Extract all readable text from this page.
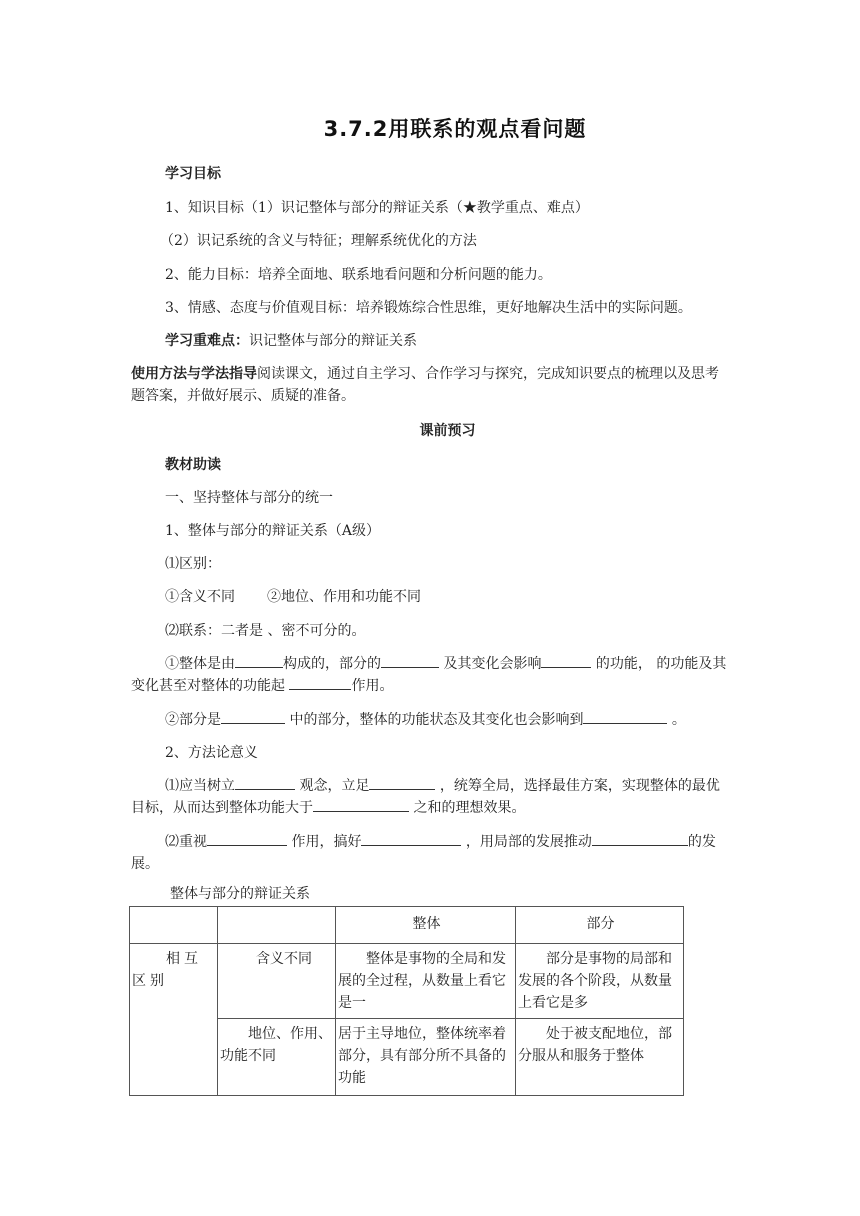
3.7.2用联系的观点看问题
学习目标
1、知识目标（1）识记整体与部分的辩证关系（★教学重点、难点）
（2）识记系统的含义与特征；理解系统优化的方法
2、能力目标：培养全面地、联系地看问题和分析问题的能力。
3、情感、态度与价值观目标：培养锻炼综合性思维，更好地解决生活中的实际问题。
学习重难点：识记整体与部分的辩证关系
使用方法与学法指导阅读课文，通过自主学习、合作学习与探究，完成知识要点的梳理以及思考题答案，并做好展示、质疑的准备。
课前预习
教材助读
一、坚持整体与部分的统一
1、整体与部分的辩证关系（A级）
⑴区别：
①含义不同 ②地位、作用和功能不同
⑵联系：二者是 、密不可分的。
①整体是由	构成的，部分的	及其变化会影响	的功能， 的功能及其变化甚至对整体的功能起	作用。
②部分是	中的部分，整体的功能状态及其变化也会影响到	。
2、方法论意义
⑴应当树立	观念，立足	，统筹全局，选择最佳方案，实现整体的最优目标，从而达到整体功能大于	之和的理想效果。
⑵重视	作用，搞好	，用局部的发展推动	的发展。
整体与部分的辩证关系
		整体	部分
相互区别	含义不同	整体是事物的全局和发展的全过程，从数量上看它是一	部分是事物的局部和发展的各个阶段，从数量上看它是多
	地位、作用、功能不同	居于主导地位，整体统率着部分，具有部分所不具备的功能	处于被支配地位，部分服从和服务于整体
